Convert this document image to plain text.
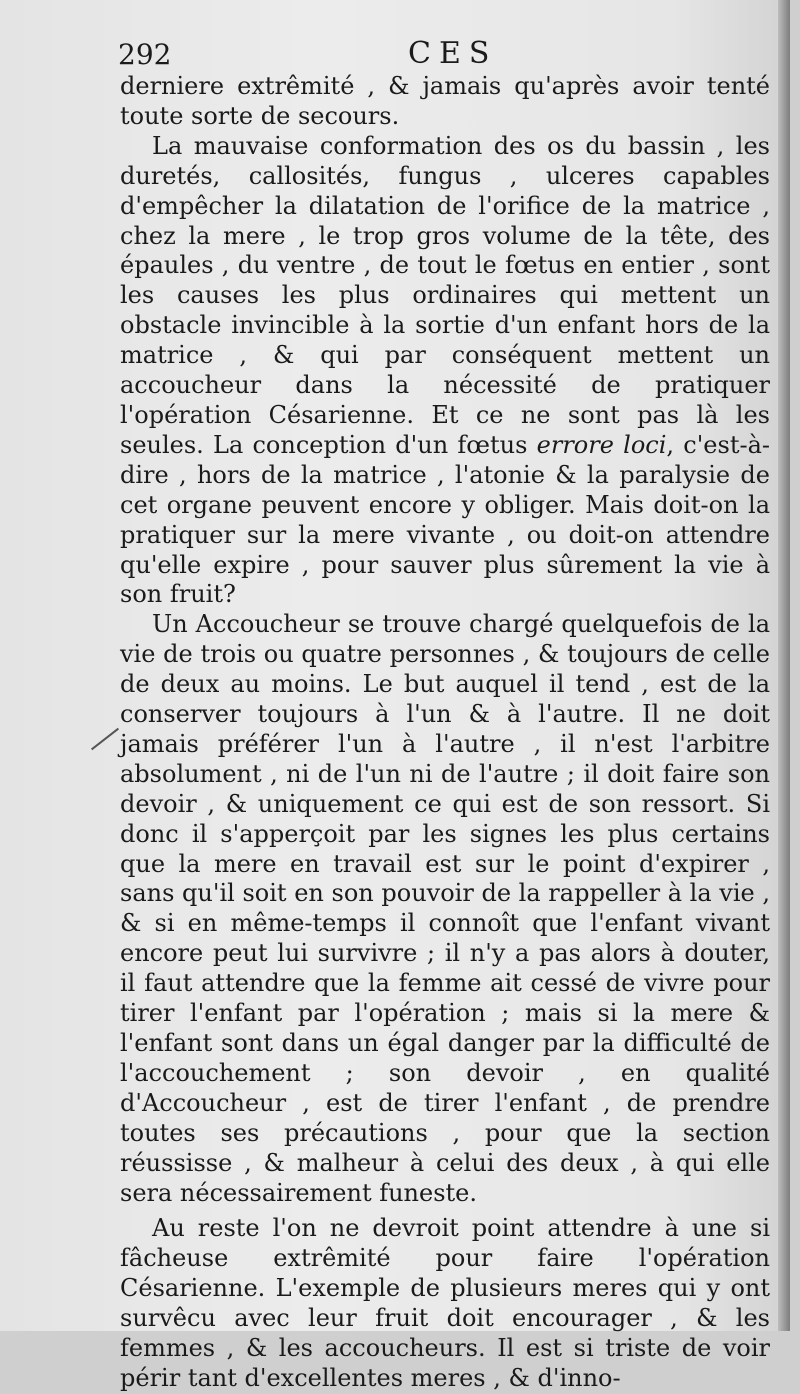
292	CES

derniere extrêmité , & jamais qu'après avoir tenté toute sorte de secours.

La mauvaise conformation des os du bassin , les duretés, callosités, fungus , ulceres capables d'empêcher la dilatation de l'orifice de la matrice , chez la mere , le trop gros volume de la tête, des épaules , du ventre , de tout le fœtus en entier , sont les causes les plus ordinaires qui mettent un obstacle invincible à la sortie d'un enfant hors de la matrice , & qui par conséquent mettent un accoucheur dans la nécessité de pratiquer l'opération Césarienne. Et ce ne sont pas là les seules. La conception d'un fœtus errore loci, c'est-à-dire , hors de la matrice , l'atonie & la paralysie de cet organe peuvent encore y obliger. Mais doit-on la pratiquer sur la mere vivante , ou doit-on attendre qu'elle expire , pour sauver plus sûrement la vie à son fruit?

Un Accoucheur se trouve chargé quelquefois de la vie de trois ou quatre personnes , & toujours de celle de deux au moins. Le but auquel il tend , est de la conserver toujours à l'un & à l'autre. Il ne doit jamais préférer l'un à l'autre , il n'est l'arbitre absolument , ni de l'un ni de l'autre ; il doit faire son devoir , & uniquement ce qui est de son ressort. Si donc il s'apperçoit par les signes les plus certains que la mere en travail est sur le point d'expirer , sans qu'il soit en son pouvoir de la rappeller à la vie , & si en même-temps il connoît que l'enfant vivant encore peut lui survivre ; il n'y a pas alors à douter, il faut attendre que la femme ait cessé de vivre pour tirer l'enfant par l'opération ; mais si la mere & l'enfant sont dans un égal danger par la difficulté de l'accouchement ; son devoir , en qualité d'Accoucheur , est de tirer l'enfant , de prendre toutes ses précautions , pour que la section réussisse , & malheur à celui des deux , à qui elle sera nécessairement funeste.

Au reste l'on ne devroit point attendre à une si fâcheuse extrêmité pour faire l'opération Césarienne. L'exemple de plusieurs meres qui y ont survêcu avec leur fruit doit encourager , & les femmes , & les accoucheurs. Il est si triste de voir périr tant d'excellentes meres , & d'inno-
